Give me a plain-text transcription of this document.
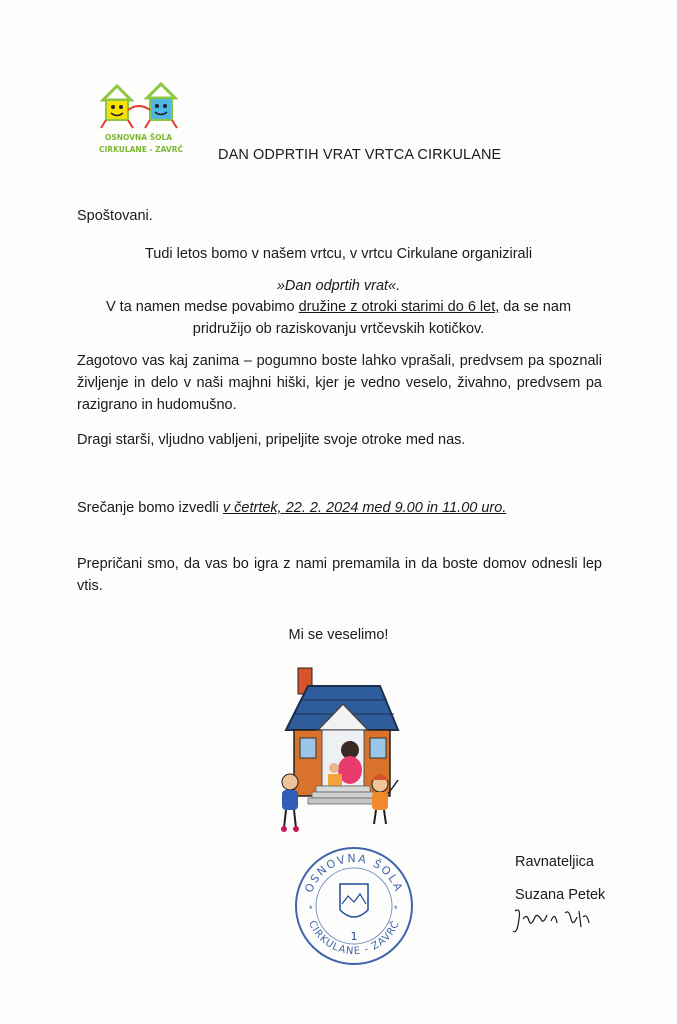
OSNOVNA ŠOLA
CIRKULANE - ZAVRČ DAN ODPRTIH VRAT VRTCA CIRKULANE
Spoštovani.
Tudi letos bomo v našem vrtcu, v vrtcu Cirkulane organizirali
»Dan odprtih vrat«.
V ta namen medse povabimo družine z otroki starimi do 6 let, da se nam
pridružijo ob raziskovanju vrtčevskih kotičkov.
Zagotovo vas kaj zanima – pogumno boste lahko vprašali, predvsem pa spoznali življenje in delo v naši majhni hiški, kjer je vedno veselo, živahno, predvsem pa razigrano in hudomušno.
Dragi starši, vljudno vabljeni, pripeljite svoje otroke med nas.
Srečanje bomo izvedli v četrtek, 22. 2. 2024 med 9.00 in 11.00 uro.
Prepričani smo, da vas bo igra z nami premamila in da boste domov odnesli lep vtis.
Mi se veselimo!
OSNOVNA ŠOLA
CIRKULANE - ZAVRČ
1
*	*
Ravnateljica
Suzana Petek
